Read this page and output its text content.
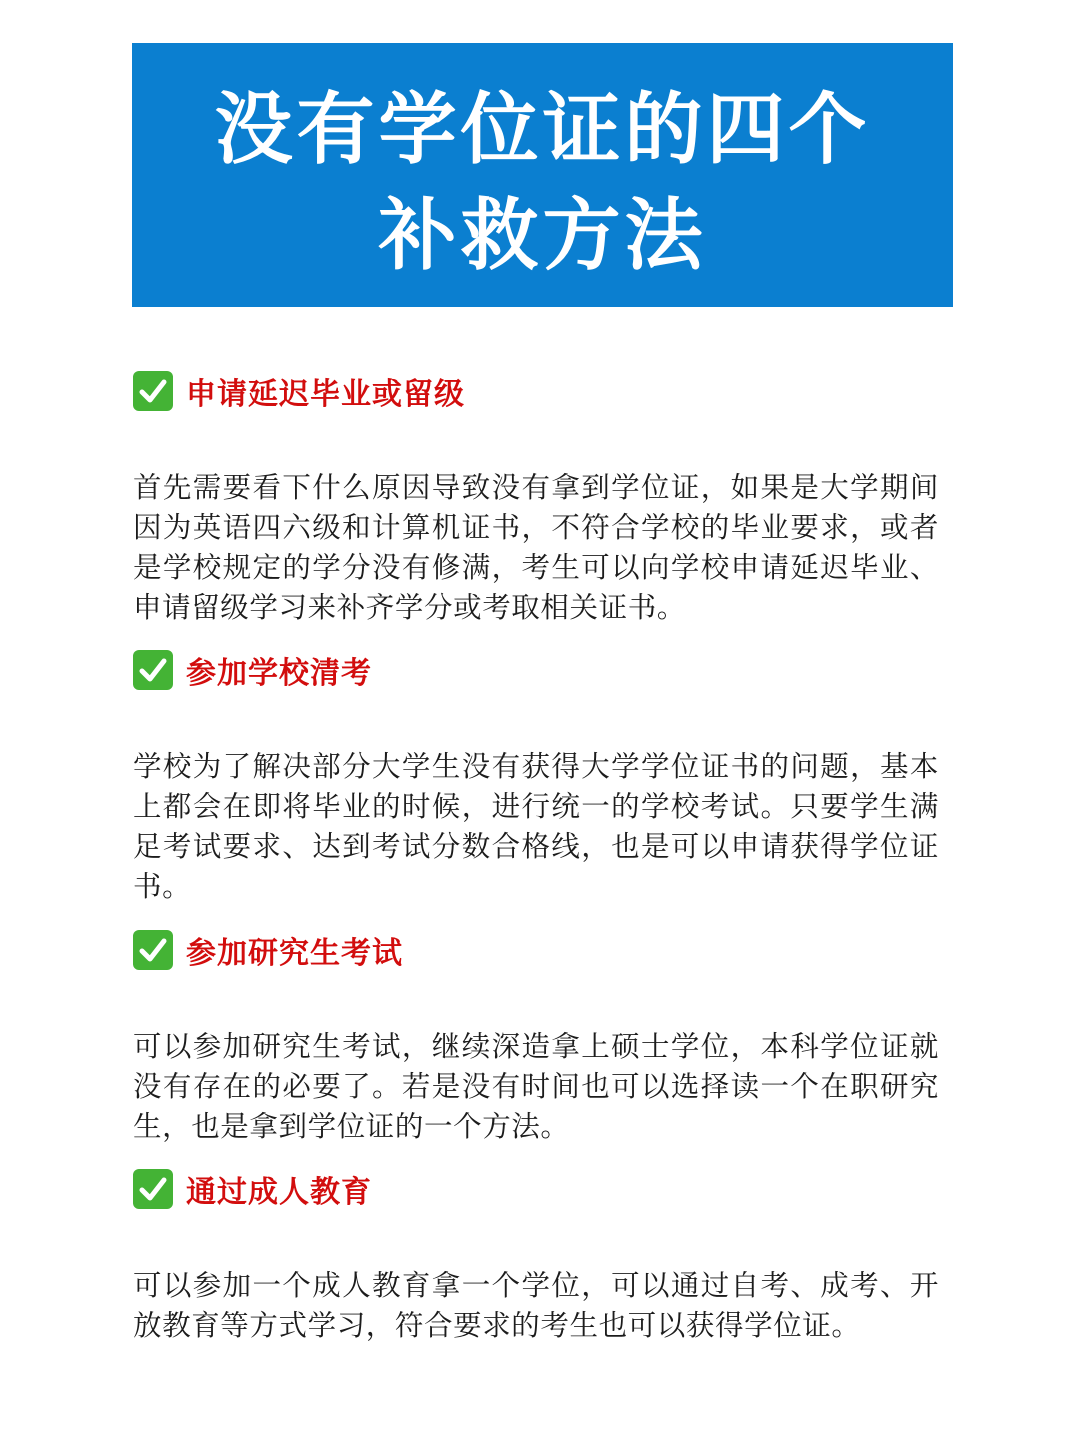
没有学位证的四个
补救方法
申请延迟毕业或留级
首先需要看下什么原因导致没有拿到学位证，如果是大学期间因为英语四六级和计算机证书，不符合学校的毕业要求，或者是学校规定的学分没有修满，考生可以向学校申请延迟毕业、申请留级学习来补齐学分或考取相关证书。
参加学校清考
学校为了解决部分大学生没有获得大学学位证书的问题，基本上都会在即将毕业的时候，进行统一的学校考试。只要学生满足考试要求、达到考试分数合格线，也是可以申请获得学位证书。
参加研究生考试
可以参加研究生考试，继续深造拿上硕士学位，本科学位证就没有存在的必要了。若是没有时间也可以选择读一个在职研究生，也是拿到学位证的一个方法。
通过成人教育
可以参加一个成人教育拿一个学位，可以通过自考、成考、开放教育等方式学习，符合要求的考生也可以获得学位证。
